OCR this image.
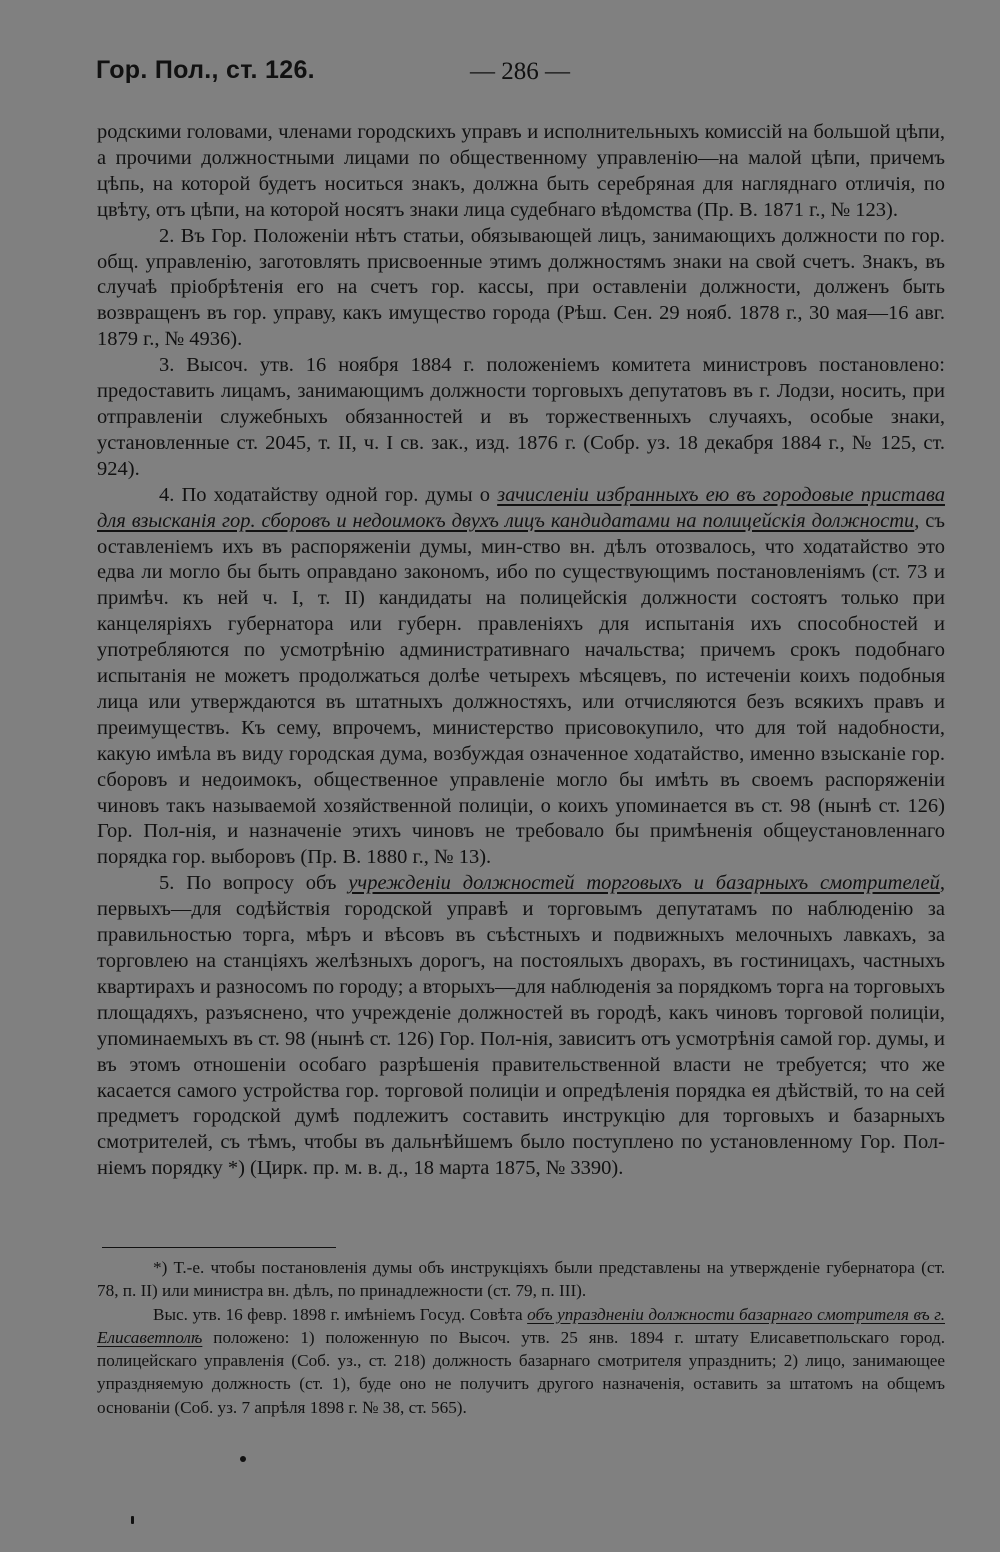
Гор. Пол., ст. 126.	— 286 —

родскими головами, членами городскихъ управъ и исполнительныхъ комиссій на большой цѣпи, а прочими должностными лицами по общественному управленію—на малой цѣпи, причемъ цѣпь, на которой будетъ носиться знакъ, должна быть серебряная для нагляднаго отличія, по цвѣту, отъ цѣпи, на которой носятъ знаки лица судебнаго вѣдомства (Пр. В. 1871 г., № 123).

2. Въ Гор. Положеніи нѣтъ статьи, обязывающей лицъ, занимающихъ должности по гор. общ. управленію, заготовлять присвоенные этимъ должностямъ знаки на свой счетъ. Знакъ, въ случаѣ пріобрѣтенія его на счетъ гор. кассы, при оставленіи должности, долженъ быть возвращенъ въ гор. управу, какъ имущество города (Рѣш. Сен. 29 нояб. 1878 г., 30 мая—16 авг. 1879 г., № 4936).

3. Высоч. утв. 16 ноября 1884 г. положеніемъ комитета министровъ постановлено: предоставить лицамъ, занимающимъ должности торговыхъ депутатовъ въ г. Лодзи, носить, при отправленіи служебныхъ обязанностей и въ торжественныхъ случаяхъ, особые знаки, установленные ст. 2045, т. II, ч. I св. зак., изд. 1876 г. (Собр. уз. 18 декабря 1884 г., № 125, ст. 924).

4. По ходатайству одной гор. думы о зачисленіи избранныхъ ею въ городовые пристава для взысканія гор. сборовъ и недоимокъ двухъ лицъ кандидатами на полицейскія должности, съ оставленіемъ ихъ въ распоряженіи думы, мин-ство вн. дѣлъ отозвалось, что ходатайство это едва ли могло бы быть оправдано закономъ, ибо по существующимъ постановленіямъ (ст. 73 и примѣч. къ ней ч. I, т. II) кандидаты на полицейскія должности состоятъ только при канцеляріяхъ губернатора или губерн. правленіяхъ для испытанія ихъ способностей и употребляются по усмотрѣнію административнаго начальства; причемъ срокъ подобнаго испытанія не можетъ продолжаться долѣе четырехъ мѣсяцевъ, по истеченіи коихъ подобныя лица или утверждаются въ штатныхъ должностяхъ, или отчисляются безъ всякихъ правъ и преимуществъ. Къ сему, впрочемъ, министерство присовокупило, что для той надобности, какую имѣла въ виду городская дума, возбуждая означенное ходатайство, именно взысканіе гор. сборовъ и недоимокъ, общественное управленіе могло бы имѣть въ своемъ распоряженіи чиновъ такъ называемой хозяйственной полиціи, о коихъ упоминается въ ст. 98 (нынѣ ст. 126) Гор. Пол-нія, и назначеніе этихъ чиновъ не требовало бы примѣненія общеустановленнаго порядка гор. выборовъ (Пр. В. 1880 г., № 13).

5. По вопросу объ учрежденіи должностей торговыхъ и базарныхъ смотрителей, первыхъ—для содѣйствія городской управѣ и торговымъ депутатамъ по наблюденію за правильностью торга, мѣръ и вѣсовъ въ съѣстныхъ и подвижныхъ мелочныхъ лавкахъ, за торговлею на станціяхъ желѣзныхъ дорогъ, на постоялыхъ дворахъ, въ гостиницахъ, частныхъ квартирахъ и разносомъ по городу; а вторыхъ—для наблюденія за порядкомъ торга на торговыхъ площадяхъ, разъяснено, что учрежденіе должностей въ городѣ, какъ чиновъ торговой полиціи, упоминаемыхъ въ ст. 98 (нынѣ ст. 126) Гор. Пол-нія, зависитъ отъ усмотрѣнія самой гор. думы, и въ этомъ отношеніи особаго разрѣшенія правительственной власти не требуется; что же касается самого устройства гор. торговой полиціи и опредѣленія порядка ея дѣйствій, то на сей предметъ городской думѣ подлежитъ составить инструкцію для торговыхъ и базарныхъ смотрителей, съ тѣмъ, чтобы въ дальнѣйшемъ было поступлено по установленному Гор. Пол-ніемъ порядку *) (Цирк. пр. м. в. д., 18 марта 1875, № 3390).

*) Т.-е. чтобы постановленія думы объ инструкціяхъ были представлены на утвержденіе губернатора (ст. 78, п. II) или министра вн. дѣлъ, по принадлежности (ст. 79, п. III).

Выс. утв. 16 февр. 1898 г. имѣніемъ Госуд. Совѣта объ упраздненіи должности базарнаго смотрителя въ г. Елисаветполѣ положено: 1) положенную по Высоч. утв. 25 янв. 1894 г. штату Елисаветпольскаго город. полицейскаго управленія (Соб. уз., ст. 218) должность базарнаго смотрителя упразднить; 2) лицо, занимающее упраздняемую должность (ст. 1), буде оно не получитъ другого назначенія, оставить за штатомъ на общемъ основаніи (Соб. уз. 7 апрѣля 1898 г. № 38, ст. 565).
